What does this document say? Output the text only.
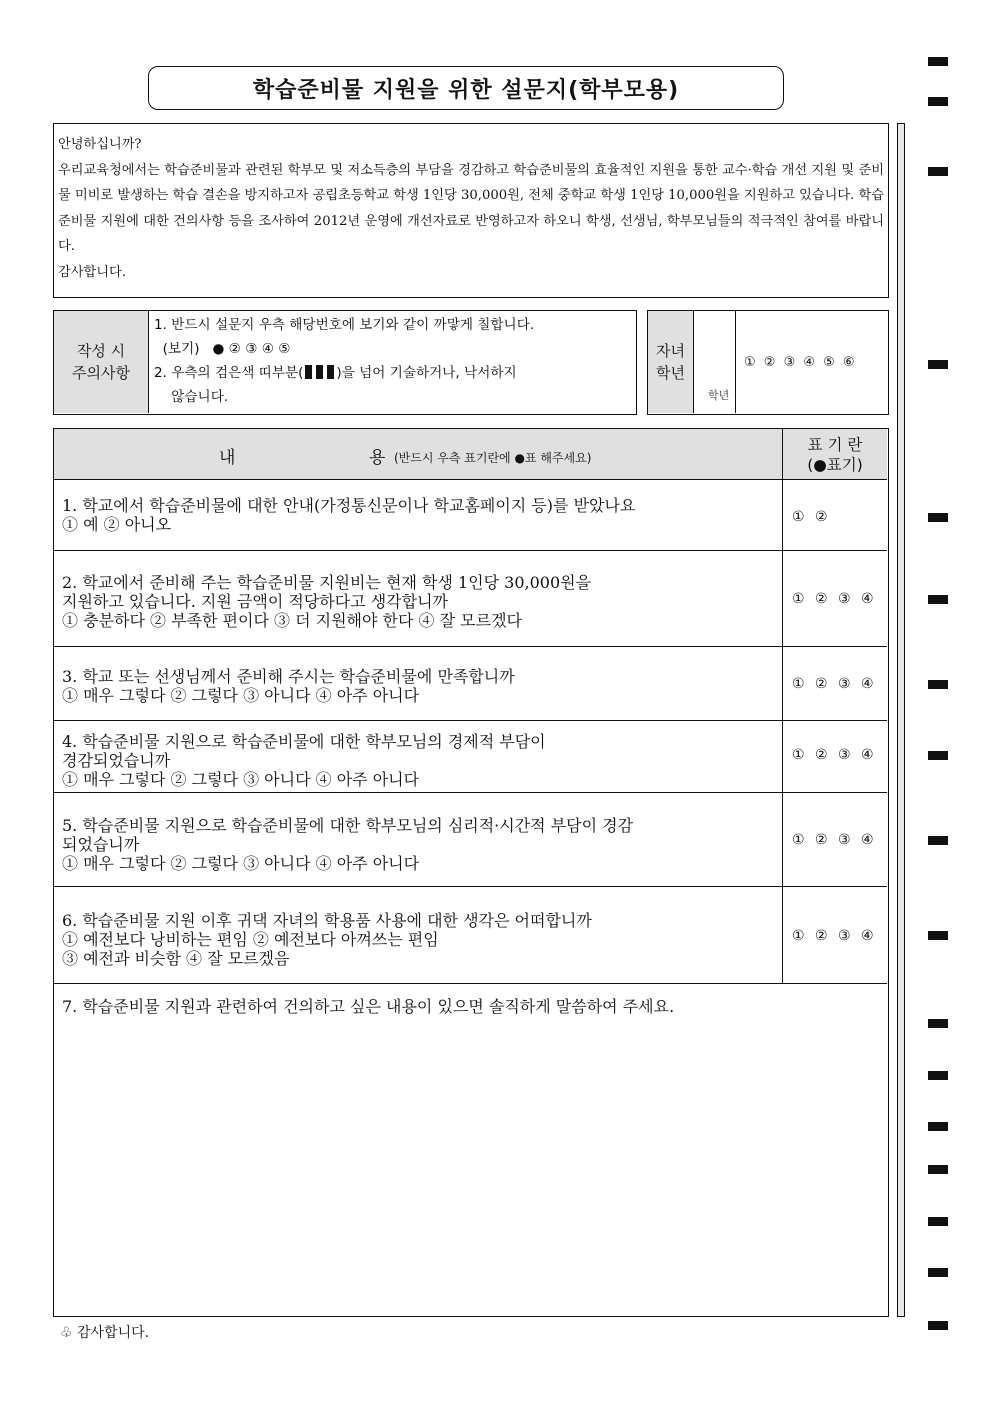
학습준비물 지원을 위한 설문지(학부모용)

안녕하십니까?

우리교육청에서는 학습준비물과 관련된 학부모 및 저소득층의 부담을 경감하고 학습준비물의 효율적인 지원을 통한 교수·학습 개선 지원 및 준비물 미비로 발생하는 학습 결손을 방지하고자 공립초등학교 학생 1인당 30,000원, 전체 중학교 학생 1인당 10,000원을 지원하고 있습니다. 학습준비물 지원에 대한 건의사항 등을 조사하여 2012년 운영에 개선자료로 반영하고자 하오니 학생, 선생님, 학부모님들의 적극적인 참여를 바랍니다.

감사합니다.

작성 시
주의사항
1. 반드시 설문지 우측 해당번호에 보기와 같이 까맣게 칠합니다.
(보기) ● ② ③ ④ ⑤
2. 우측의 검은색 띠부분( )을 넘어 기술하거나, 낙서하지
않습니다.
자녀
학년
학년
① ② ③ ④ ⑤ ⑥
내	용 (반드시 우측 표기란에 ●표 해주세요)
표 기 란
(●표기)
1. 학교에서 학습준비물에 대한 안내(가정통신문이나 학교홈페이지 등)를 받았나요
① 예 ② 아니오	① ②
2. 학교에서 준비해 주는 학습준비물 지원비는 현재 학생 1인당 30,000원을
지원하고 있습니다. 지원 금액이 적당하다고 생각합니까
① 충분하다 ② 부족한 편이다 ③ 더 지원해야 한다 ④ 잘 모르겠다
① ② ③ ④
3. 학교 또는 선생님께서 준비해 주시는 학습준비물에 만족합니까
① 매우 그렇다 ② 그렇다 ③ 아니다 ④ 아주 아니다
① ② ③ ④
4. 학습준비물 지원으로 학습준비물에 대한 학부모님의 경제적 부담이
경감되었습니까
① 매우 그렇다 ② 그렇다 ③ 아니다 ④ 아주 아니다
① ② ③ ④
5. 학습준비물 지원으로 학습준비물에 대한 학부모님의 심리적·시간적 부담이 경감
되었습니까
① 매우 그렇다 ② 그렇다 ③ 아니다 ④ 아주 아니다
① ② ③ ④
6. 학습준비물 지원 이후 귀댁 자녀의 학용품 사용에 대한 생각은 어떠합니까
① 예전보다 낭비하는 편임 ② 예전보다 아껴쓰는 편임
③ 예전과 비슷함 ④ 잘 모르겠음
① ② ③ ④
7. 학습준비물 지원과 관련하여 건의하고 싶은 내용이 있으면 솔직하게 말씀하여 주세요.
♧ 감사합니다.
